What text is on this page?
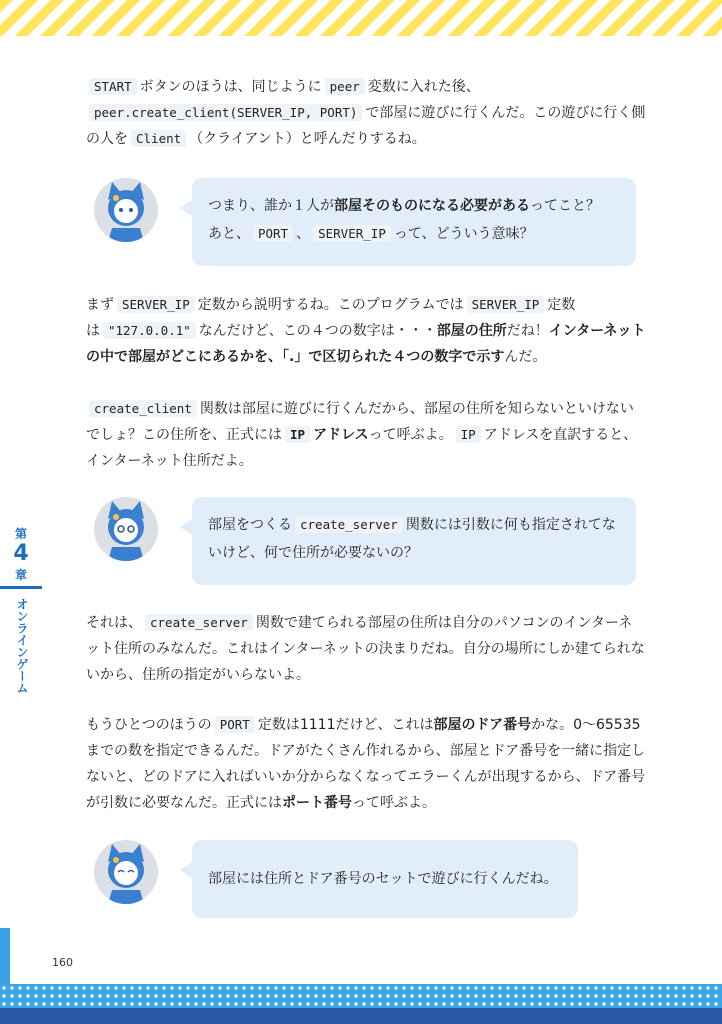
START ボタンのほうは、同じように peer 変数に入れた後、
peer.create_client(SERVER_IP, PORT) で部屋に遊びに行くんだ。この遊びに行く側の人を Client （クライアント）と呼んだりするね。

つまり、誰か１人が部屋そのものになる必要があるってこと？
あと、 PORT 、 SERVER_IP って、どういう意味？

まず SERVER_IP 定数から説明するね。このプログラムでは SERVER_IP 定数は "127.0.0.1" なんだけど、この４つの数字は・・・部屋の住所だね！インターネットの中で部屋がどこにあるかを、「.」で区切られた４つの数字で示すんだ。

create_client 関数は部屋に遊びに行くんだから、部屋の住所を知らないといけないでしょ？この住所を、正式には IP アドレスって呼ぶよ。 IP アドレスを直訳すると、インターネット住所だよ。

部屋をつくる create_server 関数には引数に何も指定されてないけど、何で住所が必要ないの？

それは、 create_server 関数で建てられる部屋の住所は自分のパソコンのインターネット住所のみなんだ。これはインターネットの決まりだね。自分の場所にしか建てられないから、住所の指定がいらないよ。

もうひとつのほうの PORT 定数は1111だけど、これは部屋のドア番号かな。0〜65535までの数を指定できるんだ。ドアがたくさん作れるから、部屋とドア番号を一緒に指定しないと、どのドアに入ればいいか分からなくなってエラーくんが出現するから、ドア番号が引数に必要なんだ。正式にはポート番号って呼ぶよ。

部屋には住所とドア番号のセットで遊びに行くんだね。
第
4
章
オンラインゲーム
160
